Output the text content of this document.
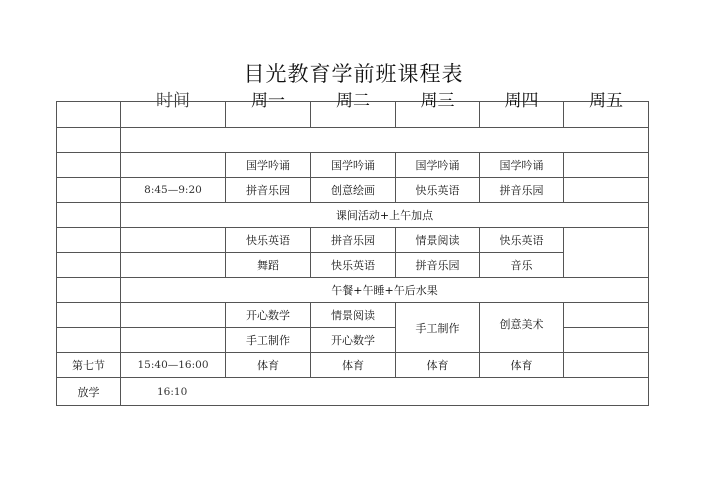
目光教育学前班课程表
	时间	周一	周二	周三	周四	周五

		国学吟诵	国学吟诵	国学吟诵	国学吟诵	
	8:45—9:20	拼音乐园	创意绘画	快乐英语	拼音乐园	
	课间活动+上午加点					
		快乐英语	拼音乐园	情景阅读	快乐英语	
		舞蹈	快乐英语	拼音乐园	音乐	
	午餐+午睡+午后水果					
		开心数学	情景阅读	手工制作	创意美术	
		手工制作	开心数学			
第七节	15:40—16:00	体育	体育	体育	体育	
放学	16:10					
